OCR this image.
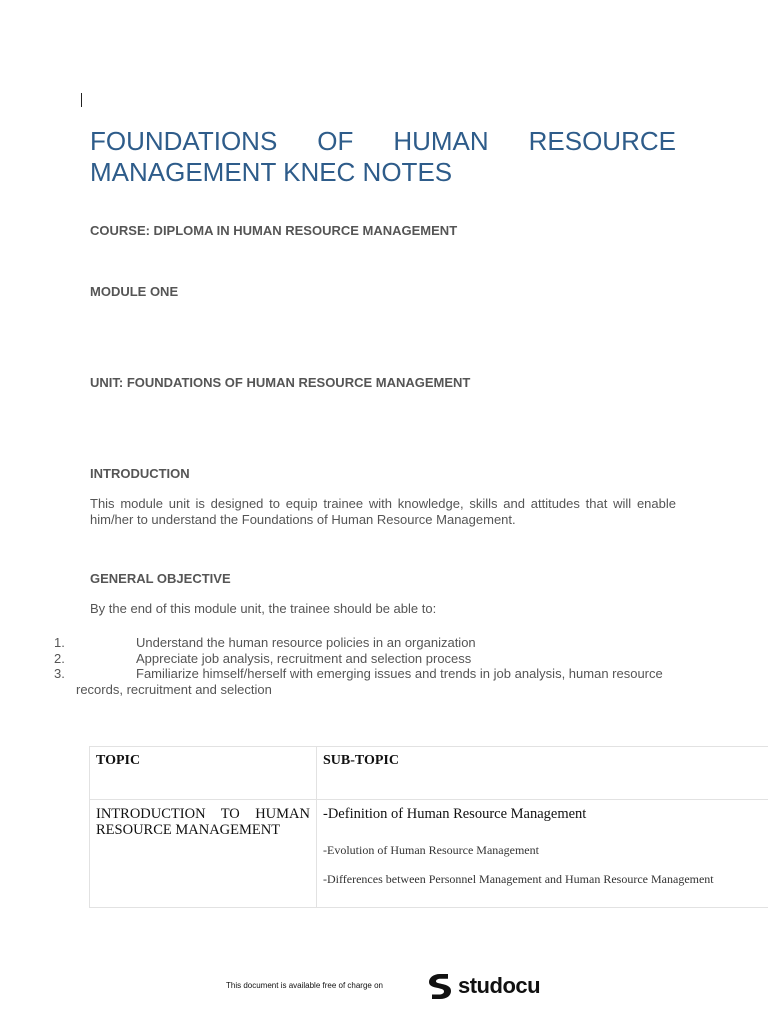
FOUNDATIONS OF HUMAN RESOURCE
MANAGEMENT KNEC NOTES
COURSE: DIPLOMA IN HUMAN RESOURCE MANAGEMENT
MODULE ONE
UNIT: FOUNDATIONS OF HUMAN RESOURCE MANAGEMENT
INTRODUCTION
This module unit is designed to equip trainee with knowledge, skills and attitudes that will enable him/her to understand the Foundations of Human Resource Management.
GENERAL OBJECTIVE
By the end of this module unit, the trainee should be able to:
1.	Understand the human resource policies in an organization
2.	Appreciate job analysis, recruitment and selection process
3.	Familiarize himself/herself with emerging issues and trends in job analysis, human resource
records, recruitment and selection
TOPIC	SUB-TOPIC
INTRODUCTION TO HUMAN RESOURCE MANAGEMENT	-Definition of Human Resource Management
-Evolution of Human Resource Management
-Differences between Personnel Management and Human Resource Management
This document is available free of charge on	studocu
